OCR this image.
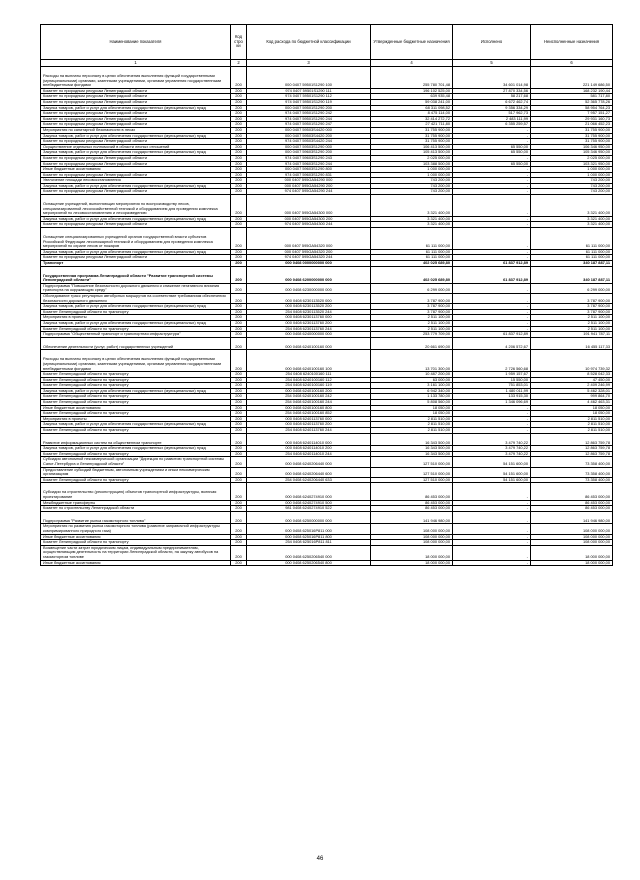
Наименование показателя	Код стро ки	Код расхода по бюджетной классификации	Утвержденные бюджетные назначения	Исполнено	Неисполненные назначения
1	2	3	4	5	6
Расходы на выплаты персоналу в целях обеспечения выполнения функций государственными (муниципальными) органами, казенными учреждениями, органами управления государственными внебюджетными фондами	200	000 0407 59501S1290 100	255 780 701,48	34 601 014,98	221 149 686,50
Комитет по природным ресурсам Ленинградской области	200	974 0407 59501S1290 111	196 102 525,00	27 870 334,56	168 232 190,44
Комитет по природным ресурсам Ленинградской области	200	974 0407 59501S1290 112	639 935,48	58 217,68	581 717,80
Комитет по природным ресурсам Ленинградской области	200	974 0407 59501S1290 119	59 038 241,00	6 672 462,74	52 365 778,26
Закупка товаров, работ и услуг для обеспечения государственных (муниципальных) нужд	200	000 0407 59501S1290 200	68 311 098,52	9 356 334,29	58 954 764,23
Комитет по природным ресурсам Ленинградской области	200	974 0407 59501S1290 242	8 475 114,00	517 962,73	7 957 151,27
Комитет по природным ресурсам Ленинградской области	200	974 0407 59501S1290 244	32 414 272,72	2 483 111,99	29 931 160,73
Комитет по природным ресурсам Ленинградской области	200	974 0407 59501S1290 247	27 421 711,80	6 355 259,57	21 066 452,23
Мероприятия по санитарной безопасности в лесах	200	000 0407 59503S4420 000	31 755 900,00	-	31 755 900,00
Закупка товаров, работ и услуг для обеспечения государственных (муниципальных) нужд	200	000 0407 59503S4420 200	31 755 900,00	-	31 755 900,00
Комитет по природным ресурсам Ленинградской области	200	974 0407 59503S4420 244	31 755 900,00	-	31 755 900,00
Осуществление отдельных полномочий в области лесных отношений	200	000 0407 59503S1290 000	106 413 500,00	65 550,00	106 346 950,00
Закупка товаров, работ и услуг для обеспечения государственных (муниципальных) нужд	200	000 0407 59603S1290 200	105 413 500,00	65 550,00	105 346 950,00
Комитет по природным ресурсам Ленинградской области	200	974 0407 59603S1290 243	2 025 000,00	-	2 025 000,00
Комитет по природным ресурсам Ленинградской области	200	974 0407 59603S1290 244	103 388 500,00	65 550,00	103 321 950,00
Иные бюджетные ассигнования	200	000 0407 59603S1290 800	1 000 000,00	-	1 000 000,00
Комитет по природным ресурсам Ленинградской области	200	974 0407 59603S1290 831	1 000 000,00	-	1 000 000,00
Увеличение площади лесовосстановления	200	000 0407 595GA54290 000	743 200,00	-	743 200,00
Закупка товаров, работ и услуг для обеспечения государственных (муниципальных) нужд	200	000 0407 595GA54290 200	743 200,00	-	743 200,00
Комитет по природным ресурсам Ленинградской области	200	974 0407 595GA54290 244	743 200,00	-	743 200,00
Оснащение учреждений, выполняющих мероприятия по воспроизводству лесов, специализированной лесохозяйственной техникой и оборудованием для проведения комплекса мероприятий по лесовосстановлению и лесоразведению	200	000 0407 595GA54300 000	3 321 400,00	-	3 321 400,00
Закупка товаров, работ и услуг для обеспечения государственных (муниципальных) нужд	200	000 0407 595GA54300 200	3 321 400,00	-	3 321 400,00
Комитет по природным ресурсам Ленинградской области	200	974 0407 595GA54300 244	3 321 400,00	-	3 321 400,00
Оснащение специализированных учреждений органов государственной власти субъектов Российской Федерации лесопожарной техникой и оборудованием для проведения комплекса мероприятий по охране лесов от пожаров	200	000 0407 595GA54320 000	61 111 000,00	-	61 111 000,00
Закупка товаров, работ и услуг для обеспечения государственных (муниципальных) нужд	200	000 0407 595GA54320 200	61 111 000,00	-	61 111 000,00
Комитет по природным ресурсам Ленинградской области	200	974 0407 595GA54320 244	61 111 000,00	-	61 111 000,00
Транспорт	200	000 0408 0000000000 000	402 025 689,80	61 837 912,89	340 187 887,11
Государственная программа Ленинградской области "Развитие транспортной системы Ленинградской области"	200	000 0408 6200000000 000	402 025 689,80	61 837 912,89	340 187 887,11
Подпрограмма "Повышение безопасности дорожного движения и снижение негативного влияния транспорта на окружающую среду"	200	000 0408 6230000000 000	6 299 000,00	-	6 299 000,00
Обследование трасс регулярных автобусных маршрутов на соответствие требованиям обеспечения безопасности дорожного движения	200	000 0408 6230113520 000	3 787 900,00	-	3 787 900,00
Закупка товаров, работ и услуг для обеспечения государственных (муниципальных) нужд	200	000 0408 6230113520 200	3 787 900,00	-	3 787 900,00
Комитет Ленинградской области по транспорту	200	254 0408 6230113520 244	3 787 900,00	-	3 787 900,00
Мероприятия в проекты	200	000 0408 6230113760 000	2 511 100,00	-	2 511 100,00
Закупка товаров, работ и услуг для обеспечения государственных (муниципальных) нужд	200	000 0408 6230113760 200	2 511 100,00	-	2 511 100,00
Комитет Ленинградской области по транспорту	200	254 0408 6230113760 244	2 511 100,00	-	2 511 100,00
Подпрограмма "Общественный транспорт и транспортная инфраструктура"	200	000 0408 6240000000 000	253 779 709,00	61 837 912,89	191 941 787,11
Обеспечение деятельности (услуг, работ) государственных учреждений	200	000 0408 6240100160 000	20 661 690,00	4 206 572,67	16 455 117,33
Расходы на выплаты персоналу в целях обеспечения выполнения функций государственными (муниципальными) органами, казенными учреждениями, органами управления государственными внебюджетными фондами	200	000 0408 6240100160 100	13 701 300,00	2 726 560,68	10 974 739,32
Комитет Ленинградской области по транспорту	200	254 0408 6240100160 111	10 487 200,00	1 959 157,67	8 528 042,33
Комитет Ленинградской области по транспорту	200	254 0408 6240100160 112	63 000,00	15 550,00	47 450,00
Комитет Ленинградской области по транспорту	200	254 0408 6240100160 119	3 161 100,00	751 853,01	2 409 246,99
Закупка товаров, работ и услуг для обеспечения государственных (муниципальных) нужд	200	000 0408 6240100160 200	6 942 340,00	1 480 011,99	5 462 328,01
Комитет Ленинградской области по транспорту	200	254 0408 6240100160 242	1 133 780,00	133 915,30	999 864,70
Комитет Ленинградской области по транспорту	200	254 0408 6240100160 244	5 808 560,00	1 346 096,69	4 462 463,31
Иные бюджетные ассигнования	200	000 0408 6240100160 800	18 050,00	-	18 050,00
Комитет Ленинградской области по транспорту	200	254 0408 6240100160 852	18 050,00	-	18 050,00
Мероприятия в проекты	200	000 0408 6240113760 000	2 811 510,00	-	2 811 510,00
Закупка товаров, работ и услуг для обеспечения государственных (муниципальных) нужд	200	000 0408 6240113760 200	2 811 510,00	-	2 811 510,00
Комитет Ленинградской области по транспорту	200	254 0408 6240113760 244	2 811 510,00	-	2 811 510,00
Развитие информационных систем на общественном транспорте	200	000 0408 6240114010 000	16 343 500,00	3 479 740,22	12 863 759,78
Закупка товаров, работ и услуг для обеспечения государственных (муниципальных) нужд	200	000 0408 6240114010 200	16 343 500,00	3 479 740,22	12 863 759,78
Комитет Ленинградской области по транспорту	200	254 0408 6240114010 244	16 343 500,00	3 479 740,22	12 863 759,78
Субсидия автономной некоммерческой организации "Дирекция по развитию транспортной системы Санкт-Петербурга и Ленинградской области"	200	000 0408 6240206440 000	127 510 000,00	54 151 600,00	73 358 400,00
Предоставление субсидий бюджетным, автономным учреждениям и иным некоммерческим организациям	200	000 0408 6240206440 600	127 510 000,00	54 151 600,00	73 358 400,00
Комитет Ленинградской области по транспорту	200	254 0408 6240206440 633	127 510 000,00	54 151 600,00	73 358 400,00
Субсидии на строительство (реконструкцию) объектов транспортной инфраструктуры, включая проектирование	200	000 0408 6240274910 000	86 453 000,00	-	86 453 000,00
Межбюджетные трансферты	200	000 0408 6240274910 500	86 453 000,00	-	86 453 000,00
Комитет по строительству Ленинградской области	200	981 0408 6240274910 522	86 453 000,00	-	86 453 000,00
Подпрограмма "Развитие рынка газомоторного топлива"	200	000 0408 6250000000 000	141 946 980,00	-	141 946 980,00
Мероприятия по развитию рынка газомоторного топлива (развитие заправочной инфраструктуры компримированного природного газа)	200	000 0408 625016Р811 000	108 000 000,00	-	108 000 000,00
Иные бюджетные ассигнования	200	000 0408 625016Р811 800	108 000 000,00	-	108 000 000,00
Комитет Ленинградской области по транспорту	200	254 0408 625016Р811 811	108 000 000,00	-	108 000 000,00
Возмещение части затрат юридическим лицам, индивидуальным предпринимателям, осуществляющим деятельность на территории Ленинградской области, на закупку автобусов на газомоторном топливе	200	000 0408 6250206540 000	18 000 000,00	-	18 000 000,00
Иные бюджетные ассигнования	200	000 0408 6250206540 800	18 000 000,00	-	18 000 000,00
46
